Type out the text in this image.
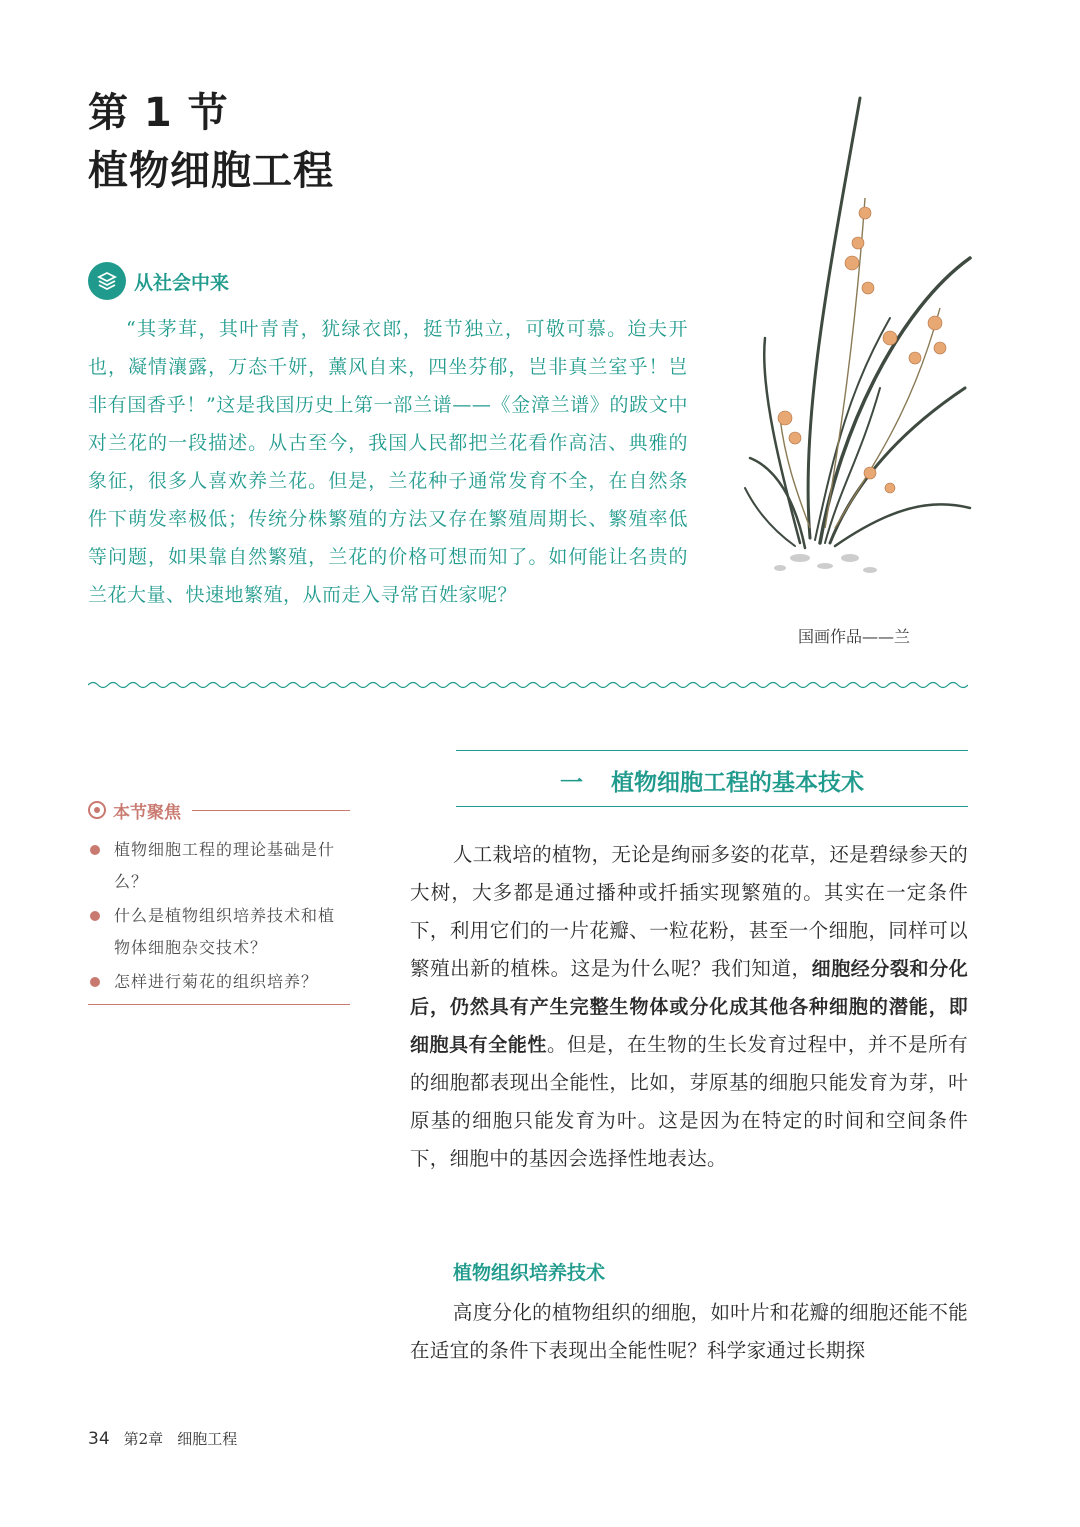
第 1 节
植物细胞工程
从社会中来

“其茅茸，其叶青青，犹绿衣郎，挺节独立，可敬可慕。迨夫开也，凝情瀼露，万态千妍，薰风自来，四坐芬郁，岂非真兰室乎！岂非有国香乎！”这是我国历史上第一部兰谱——《金漳兰谱》的跋文中对兰花的一段描述。从古至今，我国人民都把兰花看作高洁、典雅的象征，很多人喜欢养兰花。但是，兰花种子通常发育不全，在自然条件下萌发率极低；传统分株繁殖的方法又存在繁殖周期长、繁殖率低等问题，如果靠自然繁殖，兰花的价格可想而知了。如何能让名贵的兰花大量、快速地繁殖，从而走入寻常百姓家呢？

国画作品——兰
本节聚焦
植物细胞工程的理论基础是什么？
什么是植物组织培养技术和植物体细胞杂交技术？
怎样进行菊花的组织培养？
一 植物细胞工程的基本技术

人工栽培的植物，无论是绚丽多姿的花草，还是碧绿参天的大树，大多都是通过播种或扦插实现繁殖的。其实在一定条件下，利用它们的一片花瓣、一粒花粉，甚至一个细胞，同样可以繁殖出新的植株。这是为什么呢？我们知道，细胞经分裂和分化后，仍然具有产生完整生物体或分化成其他各种细胞的潜能，即细胞具有全能性。但是，在生物的生长发育过程中，并不是所有的细胞都表现出全能性，比如，芽原基的细胞只能发育为芽，叶原基的细胞只能发育为叶。这是因为在特定的时间和空间条件下，细胞中的基因会选择性地表达。

植物组织培养技术

高度分化的植物组织的细胞，如叶片和花瓣的细胞还能不能在适宜的条件下表现出全能性呢？科学家通过长期探

34 第2章 细胞工程
